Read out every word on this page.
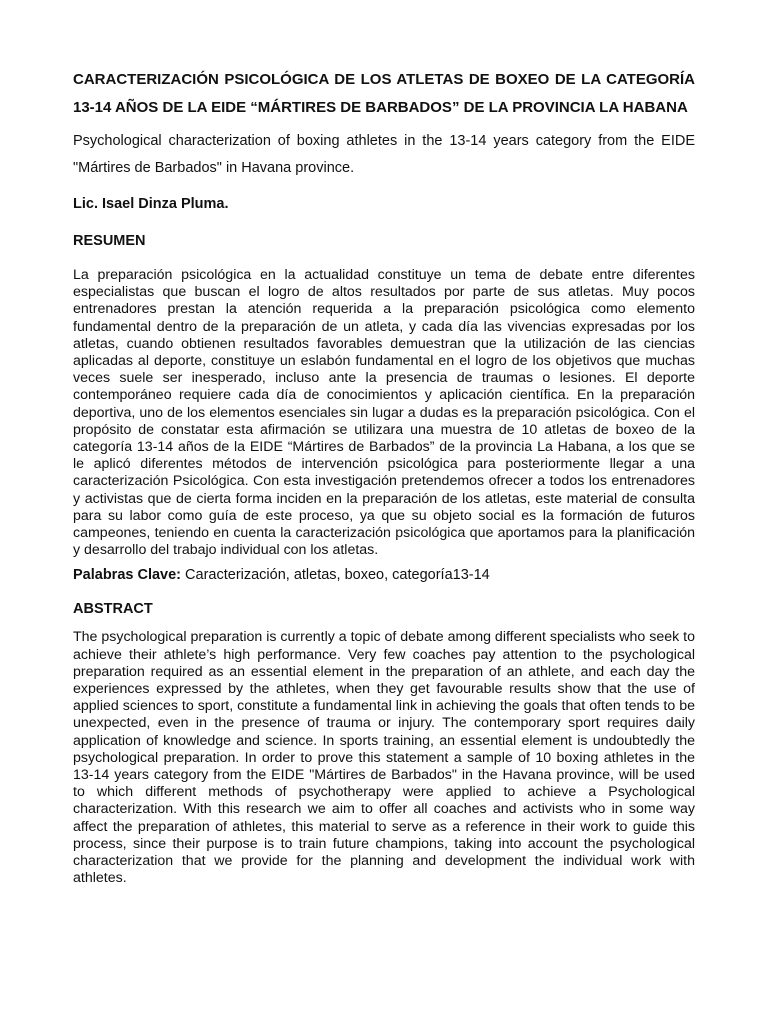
CARACTERIZACIÓN PSICOLÓGICA DE LOS ATLETAS DE BOXEO DE LA CATEGORÍA 13-14 AÑOS DE LA EIDE “MÁRTIRES DE BARBADOS” DE LA PROVINCIA LA HABANA

Psychological characterization of boxing athletes in the 13-14 years category from the EIDE "Mártires de Barbados" in Havana province.

Lic. Isael Dinza Pluma.

RESUMEN

La preparación psicológica en la actualidad constituye un tema de debate entre diferentes especialistas que buscan el logro de altos resultados por parte de sus atletas. Muy pocos entrenadores prestan la atención requerida a la preparación psicológica como elemento fundamental dentro de la preparación de un atleta, y cada día las vivencias expresadas por los atletas, cuando obtienen resultados favorables demuestran que la utilización de las ciencias aplicadas al deporte, constituye un eslabón fundamental en el logro de los objetivos que muchas veces suele ser inesperado, incluso ante la presencia de traumas o lesiones. El deporte contemporáneo requiere cada día de conocimientos y aplicación científica. En la preparación deportiva, uno de los elementos esenciales sin lugar a dudas es la preparación psicológica. Con el propósito de constatar esta afirmación se utilizara una muestra de 10 atletas de boxeo de la categoría 13-14 años de la EIDE “Mártires de Barbados” de la provincia La Habana, a los que se le aplicó diferentes métodos de intervención psicológica para posteriormente llegar a una caracterización Psicológica. Con esta investigación pretendemos ofrecer a todos los entrenadores y activistas que de cierta forma inciden en la preparación de los atletas, este material de consulta para su labor como guía de este proceso, ya que su objeto social es la formación de futuros campeones, teniendo en cuenta la caracterización psicológica que aportamos para la planificación y desarrollo del trabajo individual con los atletas.

Palabras Clave: Caracterización, atletas, boxeo, categoría13-14

ABSTRACT

The psychological preparation is currently a topic of debate among different specialists who seek to achieve their athlete’s high performance. Very few coaches pay attention to the psychological preparation required as an essential element in the preparation of an athlete, and each day the experiences expressed by the athletes, when they get favourable results show that the use of applied sciences to sport, constitute a fundamental link in achieving the goals that often tends to be unexpected, even in the presence of trauma or injury. The contemporary sport requires daily application of knowledge and science. In sports training, an essential element is undoubtedly the psychological preparation. In order to prove this statement a sample of 10 boxing athletes in the 13-14 years category from the EIDE "Mártires de Barbados" in the Havana province, will be used to which different methods of psychotherapy were applied to achieve a Psychological characterization. With this research we aim to offer all coaches and activists who in some way affect the preparation of athletes, this material to serve as a reference in their work to guide this process, since their purpose is to train future champions, taking into account the psychological characterization that we provide for the planning and development the individual work with athletes.
